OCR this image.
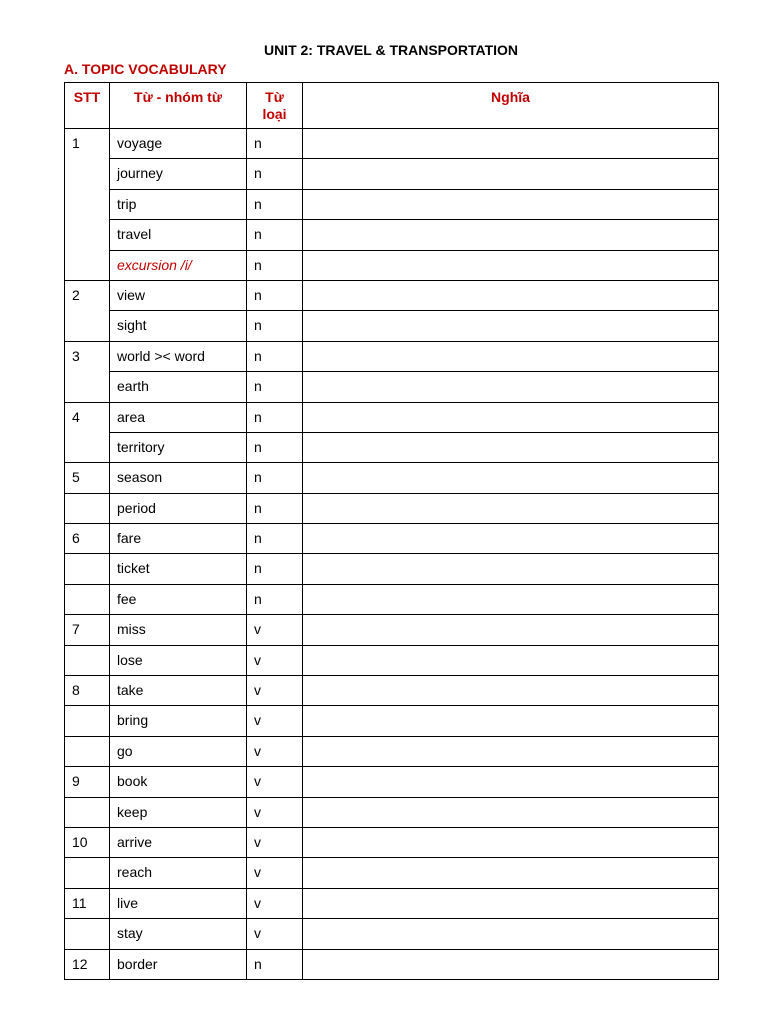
UNIT 2: TRAVEL & TRANSPORTATION
A. TOPIC VOCABULARY
STT	Từ - nhóm từ	Từ loại	Nghĩa
1	voyage	n	
	journey	n	
	trip	n	
	travel	n	
	excursion /i/	n	
2	view	n	
	sight	n	
3	world >< word	n	
	earth	n	
4	area	n	
	territory	n	
5	season	n	
	period	n	
6	fare	n	
	ticket	n	
	fee	n	
7	miss	v	
	lose	v	
8	take	v	
	bring	v	
	go	v	
9	book	v	
	keep	v	
10	arrive	v	
	reach	v	
11	live	v	
	stay	v	
12	border	n	
